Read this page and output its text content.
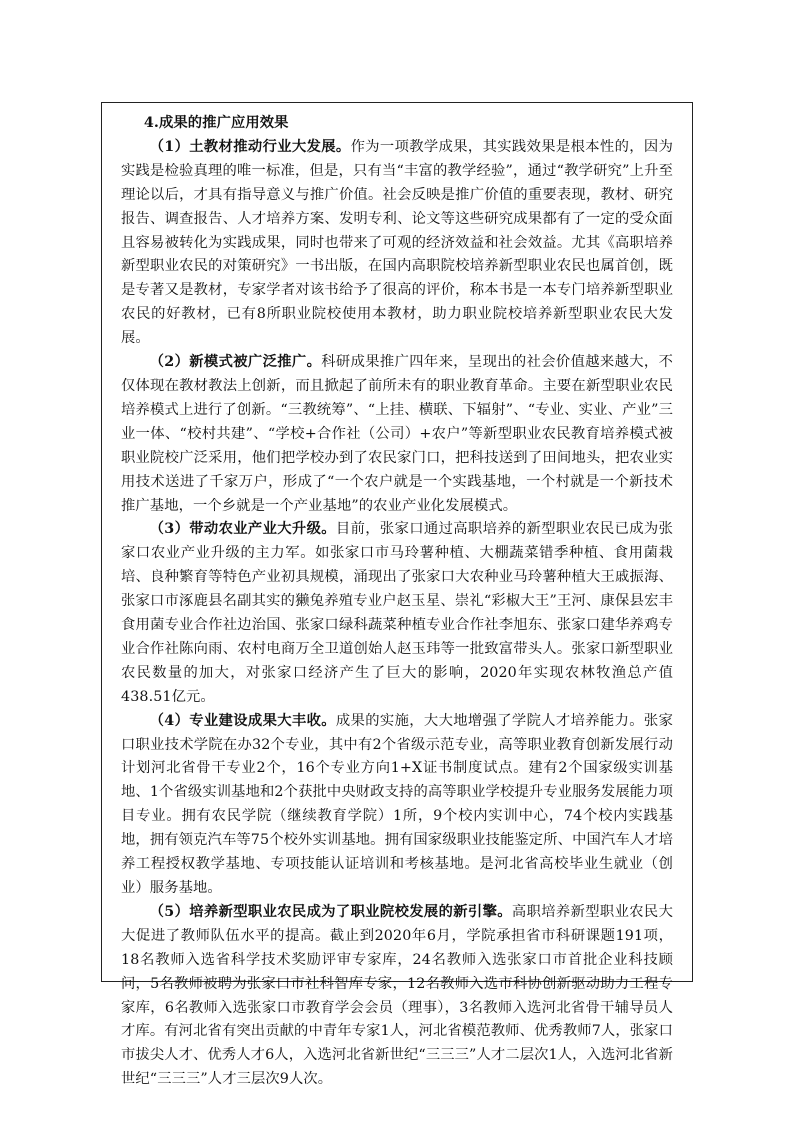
4.成果的推广应用效果

（1）土教材推动行业大发展。作为一项教学成果，其实践效果是根本性的，因为实践是检验真理的唯一标准，但是，只有当“丰富的教学经验”，通过“教学研究”上升至理论以后，才具有指导意义与推广价值。社会反映是推广价值的重要表现，教材、研究报告、调查报告、人才培养方案、发明专利、论文等这些研究成果都有了一定的受众面且容易被转化为实践成果，同时也带来了可观的经济效益和社会效益。尤其《高职培养新型职业农民的对策研究》一书出版，在国内高职院校培养新型职业农民也属首创，既是专著又是教材，专家学者对该书给予了很高的评价，称本书是一本专门培养新型职业农民的好教材，已有8所职业院校使用本教材，助力职业院校培养新型职业农民大发展。

（2）新模式被广泛推广。科研成果推广四年来，呈现出的社会价值越来越大，不仅体现在教材教法上创新，而且掀起了前所未有的职业教育革命。主要在新型职业农民培养模式上进行了创新。“三教统筹”、“上挂、横联、下辐射”、“专业、实业、产业”三业一体、“校村共建”、“学校+合作社（公司）+农户”等新型职业农民教育培养模式被职业院校广泛采用，他们把学校办到了农民家门口，把科技送到了田间地头，把农业实用技术送进了千家万户，形成了“一个农户就是一个实践基地，一个村就是一个新技术推广基地，一个乡就是一个产业基地”的农业产业化发展模式。

（3）带动农业产业大升级。目前，张家口通过高职培养的新型职业农民已成为张家口农业产业升级的主力军。如张家口市马玲薯种植、大棚蔬菜错季种植、食用菌栽培、良种繁育等特色产业初具规模，涌现出了张家口大农种业马玲薯种植大王戚振海、张家口市涿鹿县名副其实的獭兔养殖专业户赵玉星、崇礼“彩椒大王”王河、康保县宏丰食用菌专业合作社边治国、张家口绿科蔬菜种植专业合作社李旭东、张家口建华养鸡专业合作社陈向雨、农村电商万全卫道创始人赵玉玮等一批致富带头人。张家口新型职业农民数量的加大，对张家口经济产生了巨大的影响，2020年实现农林牧渔总产值438.51亿元。

（4）专业建设成果大丰收。成果的实施，大大地增强了学院人才培养能力。张家口职业技术学院在办32个专业，其中有2个省级示范专业，高等职业教育创新发展行动计划河北省骨干专业2个，16个专业方向1+X证书制度试点。建有2个国家级实训基地、1个省级实训基地和2个获批中央财政支持的高等职业学校提升专业服务发展能力项目专业。拥有农民学院（继续教育学院）1所，9个校内实训中心，74个校内实践基地，拥有领克汽车等75个校外实训基地。拥有国家级职业技能鉴定所、中国汽车人才培养工程授权教学基地、专项技能认证培训和考核基地。是河北省高校毕业生就业（创业）服务基地。

（5）培养新型职业农民成为了职业院校发展的新引擎。高职培养新型职业农民大大促进了教师队伍水平的提高。截止到2020年6月，学院承担省市科研课题191项，18名教师入选省科学技术奖励评审专家库，24名教师入选张家口市首批企业科技顾问，5名教师被聘为张家口市社科智库专家，12名教师入选市科协创新驱动助力工程专家库，6名教师入选张家口市教育学会会员（理事），3名教师入选河北省骨干辅导员人才库。有河北省有突出贡献的中青年专家1人，河北省模范教师、优秀教师7人，张家口市拔尖人才、优秀人才6人，入选河北省新世纪“三三三”人才二层次1人，入选河北省新世纪“三三三”人才三层次9人次。
